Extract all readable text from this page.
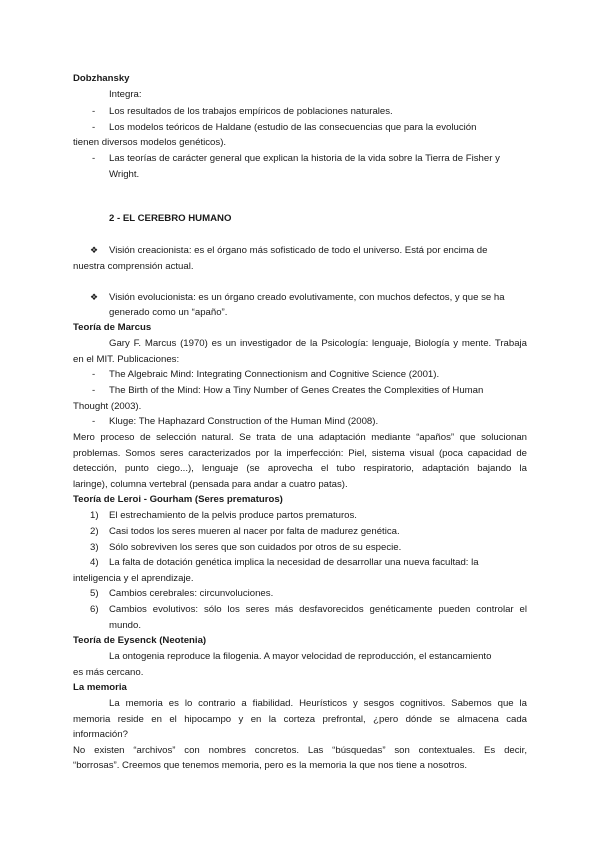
Dobzhansky
Integra:
- Los resultados de los trabajos empíricos de poblaciones naturales.
- Los modelos teóricos de Haldane (estudio de las consecuencias que para la evolución
tienen diversos modelos genéticos).
- Las teorías de carácter general que explican la historia de la vida sobre la Tierra de Fisher y
Wright.
2 - EL CEREBRO HUMANO
❖ Visión creacionista: es el órgano más sofisticado de todo el universo. Está por encima de
nuestra comprensión actual.
❖ Visión evolucionista: es un órgano creado evolutivamente, con muchos defectos, y que se ha
generado como un “apaño”.
Teoría de Marcus
Gary F. Marcus (1970) es un investigador de la Psicología: lenguaje, Biología y mente. Trabaja
en el MIT. Publicaciones:
- The Algebraic Mind: Integrating Connectionism and Cognitive Science (2001).
- The Birth of the Mind: How a Tiny Number of Genes Creates the Complexities of Human
Thought (2003).
- Kluge: The Haphazard Construction of the Human Mind (2008).
Mero proceso de selección natural. Se trata de una adaptación mediante “apaños” que solucionan
problemas. Somos seres caracterizados por la imperfección: Piel, sistema visual (poca capacidad de
detección, punto ciego...), lenguaje (se aprovecha el tubo respiratorio, adaptación bajando la
laringe), columna vertebral (pensada para andar a cuatro patas).
Teoría de Leroi - Gourham (Seres prematuros)
1) El estrechamiento de la pelvis produce partos prematuros.
2) Casi todos los seres mueren al nacer por falta de madurez genética.
3) Sólo sobreviven los seres que son cuidados por otros de su especie.
4) La falta de dotación genética implica la necesidad de desarrollar una nueva facultad: la
inteligencia y el aprendizaje.
5) Cambios cerebrales: circunvoluciones.
6) Cambios evolutivos: sólo los seres más desfavorecidos genéticamente pueden controlar el
mundo.
Teoría de Eysenck (Neotenia)
La ontogenia reproduce la filogenia. A mayor velocidad de reproducción, el estancamiento
es más cercano.
La memoria
La memoria es lo contrario a fiabilidad. Heurísticos y sesgos cognitivos. Sabemos que la
memoria reside en el hipocampo y en la corteza prefrontal, ¿pero dónde se almacena cada
información?
No existen “archivos” con nombres concretos. Las “búsquedas” son contextuales. Es decir,
“borrosas”. Creemos que tenemos memoria, pero es la memoria la que nos tiene a nosotros.
